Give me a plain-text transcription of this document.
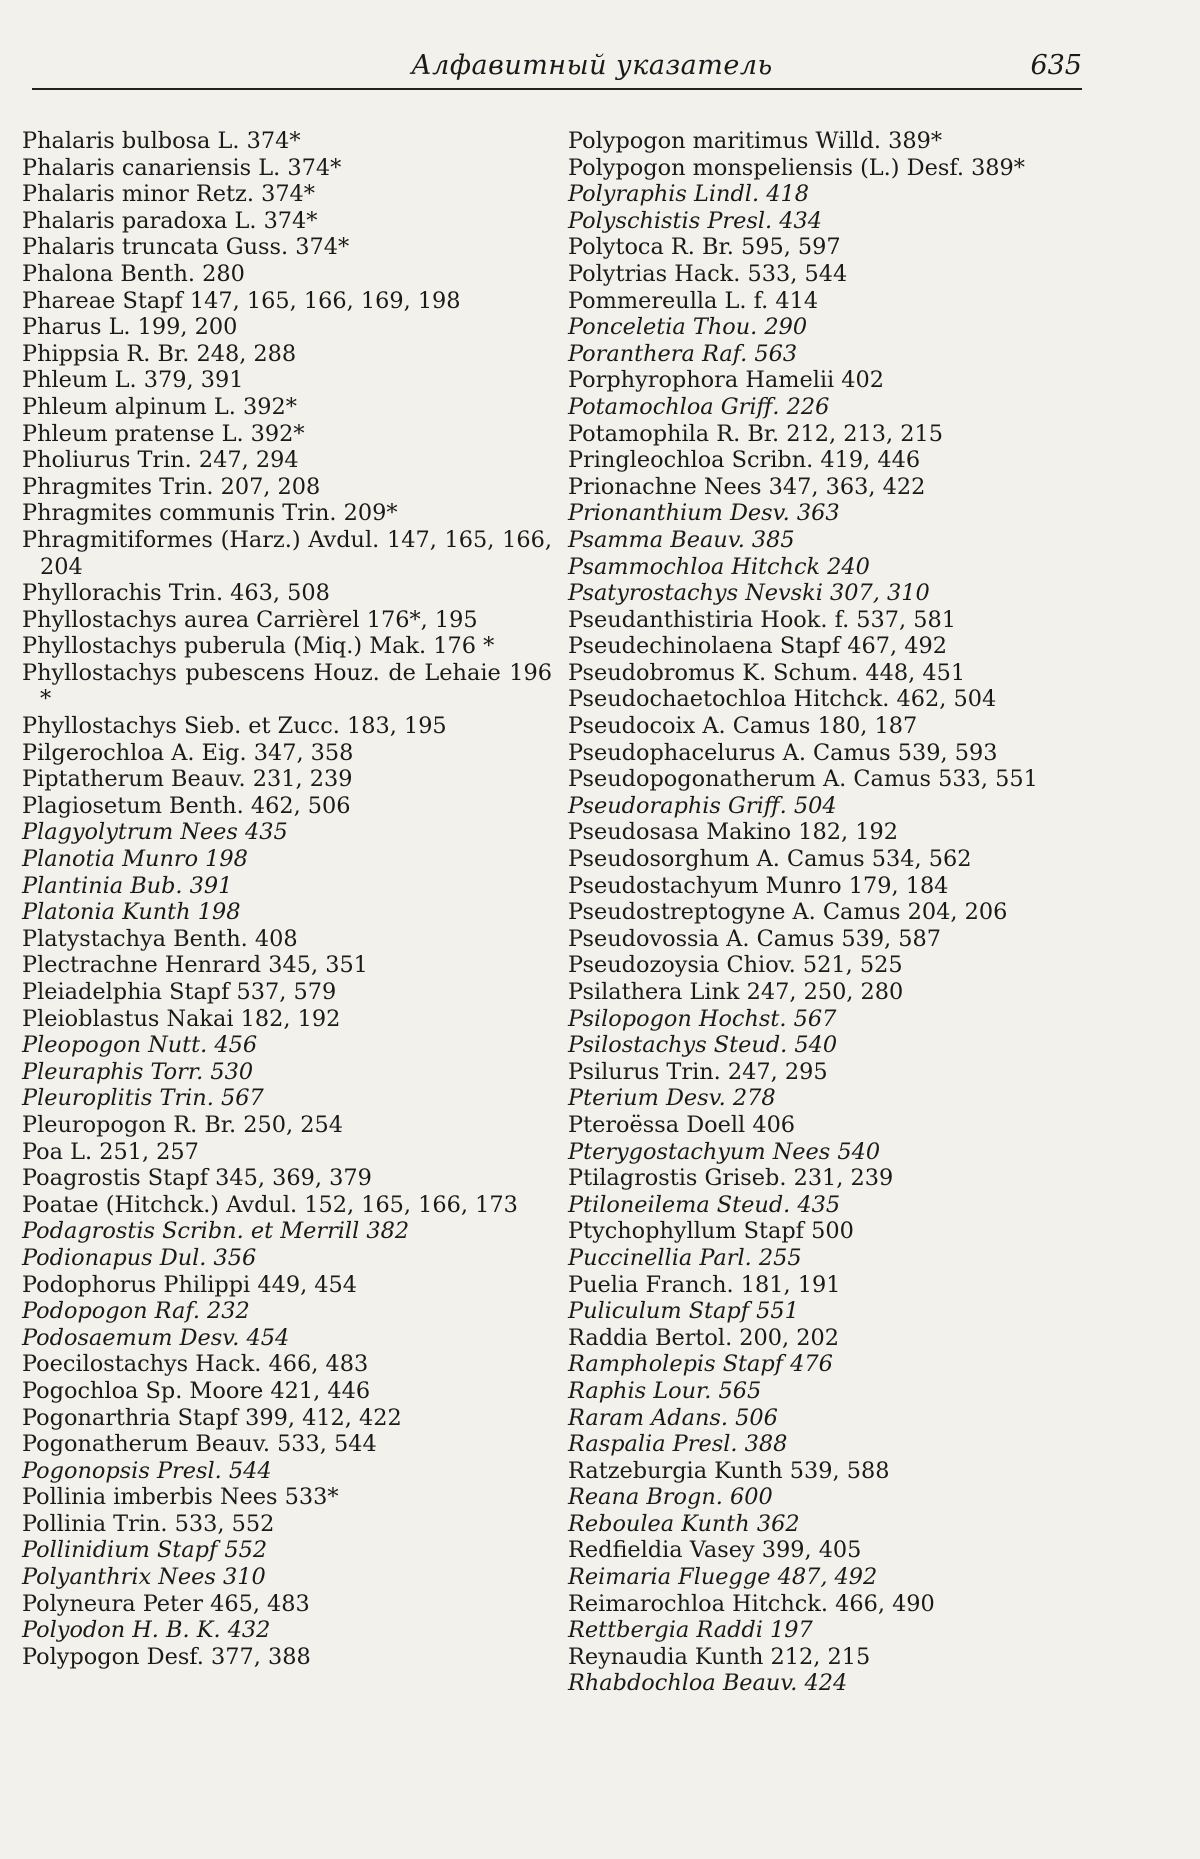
Алфавитный указатель	635
Phalaris bulbosa L. 374*
Phalaris canariensis L. 374*
Phalaris minor Retz. 374*
Phalaris paradoxa L. 374*
Phalaris truncata Guss. 374*
Phalona Benth. 280
Phareae Stapf 147, 165, 166, 169, 198
Pharus L. 199, 200
Phippsia R. Br. 248, 288
Phleum L. 379, 391
Phleum alpinum L. 392*
Phleum pratense L. 392*
Pholiurus Trin. 247, 294
Phragmites Trin. 207, 208
Phragmites communis Trin. 209*
Phragmitiformes (Harz.) Avdul. 147, 165, 166, 204
Phyllorachis Trin. 463, 508
Phyllostachys aurea Carrièrel 176*, 195
Phyllostachys puberula (Miq.) Mak. 176 *
Phyllostachys pubescens Houz. de Lehaie 196 *
Phyllostachys Sieb. et Zucc. 183, 195
Pilgerochloa A. Eig. 347, 358
Piptatherum Beauv. 231, 239
Plagiosetum Benth. 462, 506
Plagyolytrum Nees 435
Planotia Munro 198
Plantinia Bub. 391
Platonia Kunth 198
Platystachya Benth. 408
Plectrachne Henrard 345, 351
Pleiadelphia Stapf 537, 579
Pleioblastus Nakai 182, 192
Pleopogon Nutt. 456
Pleuraphis Torr. 530
Pleuroplitis Trin. 567
Pleuropogon R. Br. 250, 254
Poa L. 251, 257
Poagrostis Stapf 345, 369, 379
Poatae (Hitchck.) Avdul. 152, 165, 166, 173
Podagrostis Scribn. et Merrill 382
Podionapus Dul. 356
Podophorus Philippi 449, 454
Podopogon Raf. 232
Podosaemum Desv. 454
Poecilostachys Hack. 466, 483
Pogochloa Sp. Moore 421, 446
Pogonarthria Stapf 399, 412, 422
Pogonatherum Beauv. 533, 544
Pogonopsis Presl. 544
Pollinia imberbis Nees 533*
Pollinia Trin. 533, 552
Pollinidium Stapf 552
Polyanthrix Nees 310
Polyneura Peter 465, 483
Polyodon H. B. K. 432
Polypogon Desf. 377, 388
Polypogon maritimus Willd. 389*
Polypogon monspeliensis (L.) Desf. 389*
Polyraphis Lindl. 418
Polyschistis Presl. 434
Polytoca R. Br. 595, 597
Polytrias Hack. 533, 544
Pommereulla L. f. 414
Ponceletia Thou. 290
Poranthera Raf. 563
Porphyrophora Hamelii 402
Potamochloa Griff. 226
Potamophila R. Br. 212, 213, 215
Pringleochloa Scribn. 419, 446
Prionachne Nees 347, 363, 422
Prionanthium Desv. 363
Psamma Beauv. 385
Psammochloa Hitchck 240
Psatyrostachys Nevski 307, 310
Pseudanthistiria Hook. f. 537, 581
Pseudechinolaena Stapf 467, 492
Pseudobromus K. Schum. 448, 451
Pseudochaetochloa Hitchck. 462, 504
Pseudocoix A. Camus 180, 187
Pseudophacelurus A. Camus 539, 593
Pseudopogonatherum A. Camus 533, 551
Pseudoraphis Griff. 504
Pseudosasa Makino 182, 192
Pseudosorghum A. Camus 534, 562
Pseudostachyum Munro 179, 184
Pseudostreptogyne A. Camus 204, 206
Pseudovossia A. Camus 539, 587
Pseudozoysia Chiov. 521, 525
Psilathera Link 247, 250, 280
Psilopogon Hochst. 567
Psilostachys Steud. 540
Psilurus Trin. 247, 295
Pterium Desv. 278
Pteroëssa Doell 406
Pterygostachyum Nees 540
Ptilagrostis Griseb. 231, 239
Ptiloneilema Steud. 435
Ptychophyllum Stapf 500
Puccinellia Parl. 255
Puelia Franch. 181, 191
Puliculum Stapf 551
Raddia Bertol. 200, 202
Rampholepis Stapf 476
Raphis Lour. 565
Raram Adans. 506
Raspalia Presl. 388
Ratzeburgia Kunth 539, 588
Reana Brogn. 600
Reboulea Kunth 362
Redfieldia Vasey 399, 405
Reimaria Fluegge 487, 492
Reimarochloa Hitchck. 466, 490
Rettbergia Raddi 197
Reynaudia Kunth 212, 215
Rhabdochloa Beauv. 424
